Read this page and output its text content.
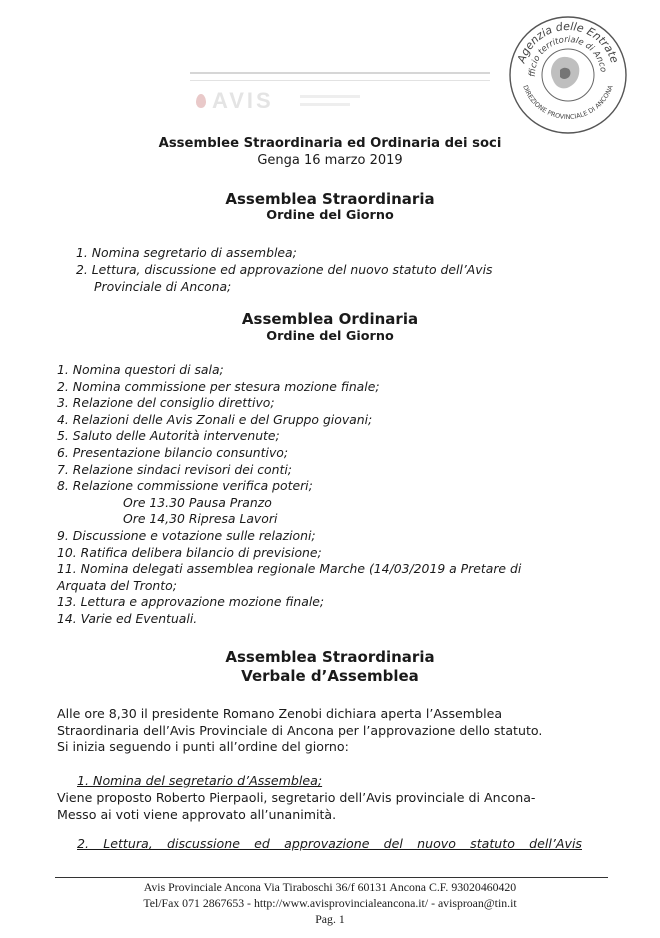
Agenzia delle Entrate
fficio territoriale di Anco
DIREZIONE PROVINCIALE DI ANCONA
AVIS
Assemblee Straordinaria ed Ordinaria dei soci
Genga 16 marzo 2019
Assemblea Straordinaria
Ordine del Giorno
1. Nomina segretario di assemblea;
2. Lettura, discussione ed approvazione del nuovo statuto dell’Avis
Provinciale di Ancona;
Assemblea Ordinaria
Ordine del Giorno
1. Nomina questori di sala;
2. Nomina commissione per stesura mozione finale;
3. Relazione del consiglio direttivo;
4. Relazioni delle Avis Zonali e del Gruppo giovani;
5. Saluto delle Autorità intervenute;
6. Presentazione bilancio consuntivo;
7. Relazione sindaci revisori dei conti;
8. Relazione commissione verifica poteri;
Ore 13.30 Pausa Pranzo
Ore 14,30 Ripresa Lavori
9. Discussione e votazione sulle relazioni;
10. Ratifica delibera bilancio di previsione;
11. Nomina delegati assemblea regionale Marche (14/03/2019 a Pretare di
Arquata del Tronto;
13. Lettura e approvazione mozione finale;
14. Varie ed Eventuali.
Assemblea Straordinaria
Verbale d’Assemblea
Alle ore 8,30 il presidente Romano Zenobi dichiara aperta l’Assemblea
Straordinaria dell’Avis Provinciale di Ancona per l’approvazione dello statuto.
Si inizia seguendo i punti all’ordine del giorno:
1. Nomina del segretario d’Assemblea;
Viene proposto Roberto Pierpaoli, segretario dell’Avis provinciale di Ancona-
Messo ai voti viene approvato all’unanimità.
2. Lettura, discussione ed approvazione del nuovo statuto dell’Avis
Avis Provinciale Ancona Via Tiraboschi 36/f 60131 Ancona C.F. 93020460420
Tel/Fax 071 2867653 - http://www.avisprovincialeancona.it/ - avisproan@tin.it
Pag. 1
